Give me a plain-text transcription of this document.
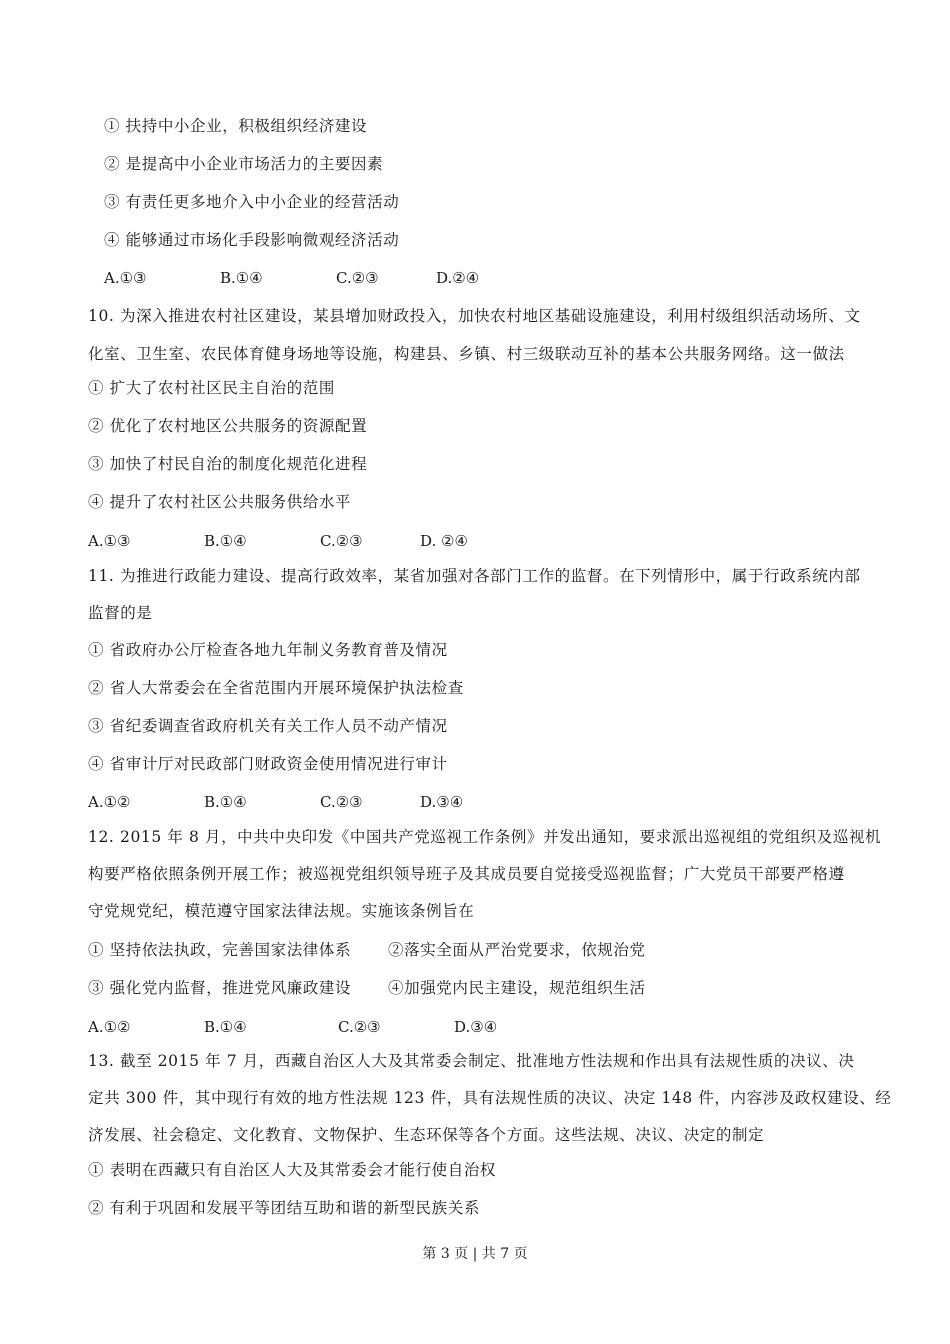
① 扶持中小企业，积极组织经济建设
② 是提高中小企业市场活力的主要因素
③ 有责任更多地介入中小企业的经营活动
④ 能够通过市场化手段影响微观经济活动
A.①③	B.①④	C.②③	D.②④
10. 为深入推进农村社区建设，某县增加财政投入，加快农村地区基础设施建设，利用村级组织活动场所、文
化室、卫生室、农民体育健身场地等设施，构建县、乡镇、村三级联动互补的基本公共服务网络。这一做法
① 扩大了农村社区民主自治的范围
② 优化了农村地区公共服务的资源配置
③ 加快了村民自治的制度化规范化进程
④ 提升了农村社区公共服务供给水平
A.①③	B.①④	C.②③	D. ②④
11. 为推进行政能力建设、提高行政效率，某省加强对各部门工作的监督。在下列情形中，属于行政系统内部
监督的是
① 省政府办公厅检查各地九年制义务教育普及情况
② 省人大常委会在全省范围内开展环境保护执法检查
③ 省纪委调查省政府机关有关工作人员不动产情况
④ 省审计厅对民政部门财政资金使用情况进行审计
A.①②	B.①④	C.②③	D.③④
12. 2015 年 8 月，中共中央印发《中国共产党巡视工作条例》并发出通知，要求派出巡视组的党组织及巡视机
构要严格依照条例开展工作；被巡视党组织领导班子及其成员要自觉接受巡视监督；广大党员干部要严格遵
守党规党纪，模范遵守国家法律法规。实施该条例旨在
① 坚持依法执政，完善国家法律体系 ②落实全面从严治党要求，依规治党
③ 强化党内监督，推进党风廉政建设 ④加强党内民主建设，规范组织生活
A.①②	B.①④	C.②③	D.③④
13. 截至 2015 年 7 月，西藏自治区人大及其常委会制定、批准地方性法规和作出具有法规性质的决议、决
定共 300 件，其中现行有效的地方性法规 123 件，具有法规性质的决议、决定 148 件，内容涉及政权建设、经
济发展、社会稳定、文化教育、文物保护、生态环保等各个方面。这些法规、决议、决定的制定
① 表明在西藏只有自治区人大及其常委会才能行使自治权
② 有利于巩固和发展平等团结互助和谐的新型民族关系
第 3 页 | 共 7 页
